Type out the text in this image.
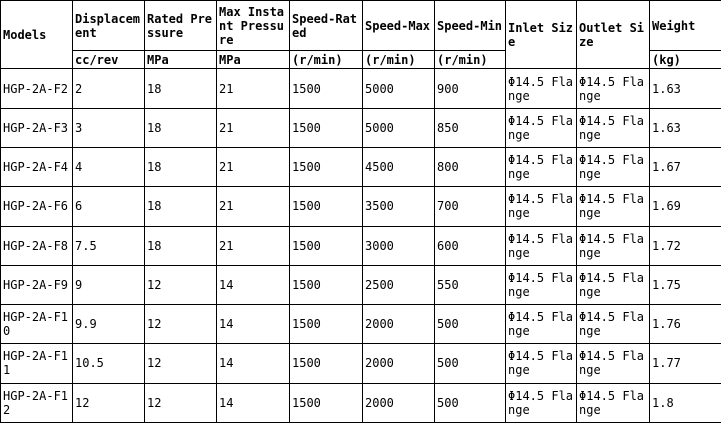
Models	Displacement	Rated Pressure	Max Instant Pressure	Speed-Rated	Speed-Max	Speed-Min	Inlet Size	Outlet Size	Weight
	cc/rev	MPa	MPa	(r/min)	(r/min)	(r/min)			(kg)
HGP-2A-F2	2	18	21	1500	5000	900	Φ14.5 Flange	Φ14.5 Flange	1.63
HGP-2A-F3	3	18	21	1500	5000	850	Φ14.5 Flange	Φ14.5 Flange	1.63
HGP-2A-F4	4	18	21	1500	4500	800	Φ14.5 Flange	Φ14.5 Flange	1.67
HGP-2A-F6	6	18	21	1500	3500	700	Φ14.5 Flange	Φ14.5 Flange	1.69
HGP-2A-F8	7.5	18	21	1500	3000	600	Φ14.5 Flange	Φ14.5 Flange	1.72
HGP-2A-F9	9	12	14	1500	2500	550	Φ14.5 Flange	Φ14.5 Flange	1.75
HGP-2A-F10	9.9	12	14	1500	2000	500	Φ14.5 Flange	Φ14.5 Flange	1.76
HGP-2A-F11	10.5	12	14	1500	2000	500	Φ14.5 Flange	Φ14.5 Flange	1.77
HGP-2A-F12	12	12	14	1500	2000	500	Φ14.5 Flange	Φ14.5 Flange	1.8
